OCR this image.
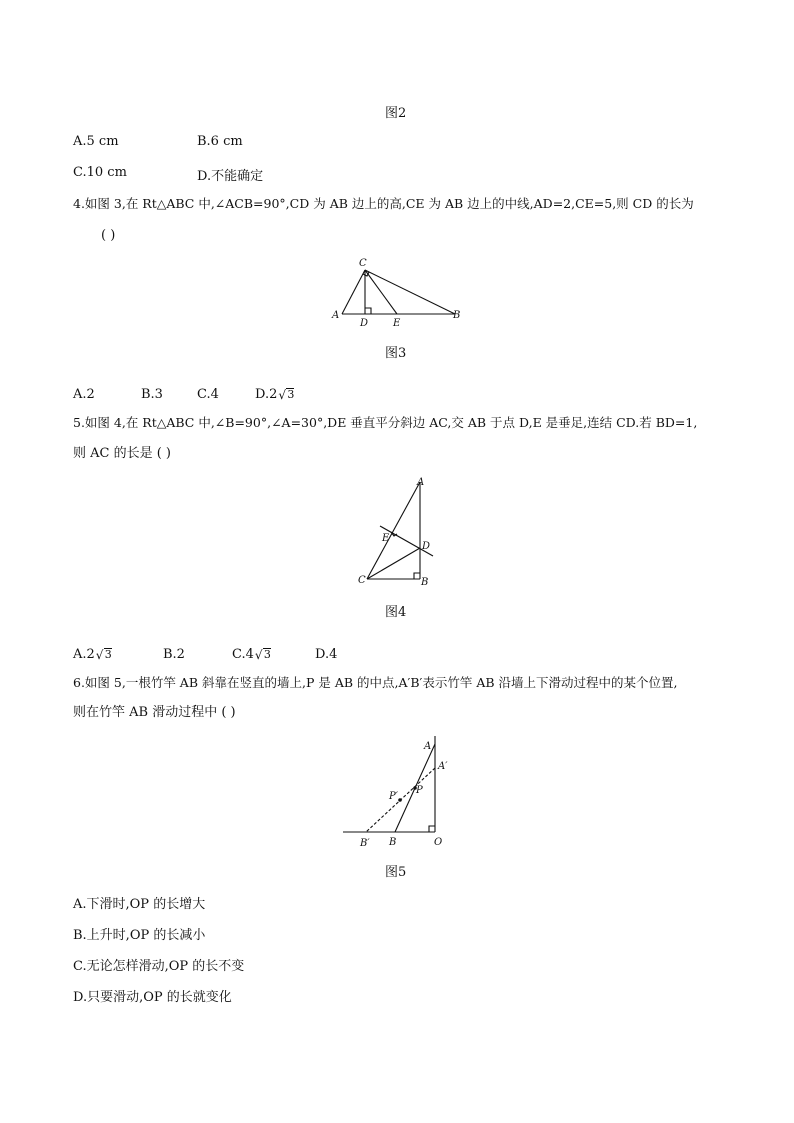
图2
A.5 cm	B.6 cm
C.10 cm	D.不能确定
4.如图 3,在 Rt△ABC 中,∠ACB=90°,CD 为 AB 边上的高,CE 为 AB 边上的中线,AD=2,CE=5,则 CD 的长为
( )
C
A
D E
B
图3
A.2	B.3	C.4	D.2 √ 3
5.如图 4,在 Rt△ABC 中,∠B=90°,∠A=30°,DE 垂直平分斜边 AC,交 AB 于点 D,E 是垂足,连结 CD.若 BD=1,
则 AC 的长是 ( )
A
E
D
C	B
图4
A.2 √ 3	B.2	C.4 √ 3	D.4
6.如图 5,一根竹竿 AB 斜靠在竖直的墙上,P 是 AB 的中点,A′B′表示竹竿 AB 沿墙上下滑动过程中的某个位置,
则在竹竿 AB 滑动过程中 ( )
A
A′
P
P′
B′ B	O
图5
A.下滑时,OP 的长增大
B.上升时,OP 的长减小
C.无论怎样滑动,OP 的长不变
D.只要滑动,OP 的长就变化
